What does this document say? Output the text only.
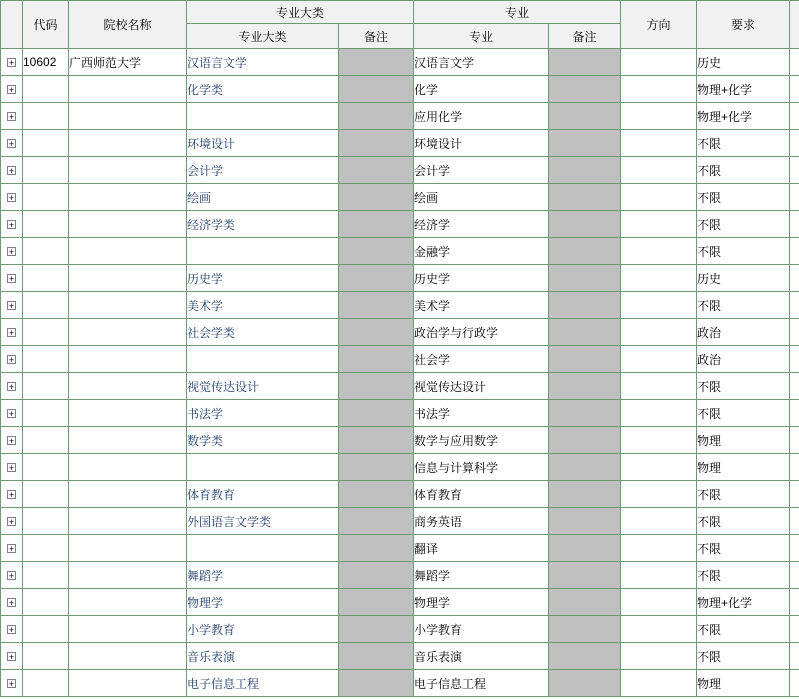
	代码	院校名称	专业大类		专业		方向	要求	
			专业大类	备注	专业	备注			
+	10602	广西师范大学	汉语言文学		汉语言文学			历史	
+			化学类		化学			物理+化学	
+					应用化学			物理+化学	
+			环境设计		环境设计			不限	
+			会计学		会计学			不限	
+			绘画		绘画			不限	
+			经济学类		经济学			不限	
+					金融学			不限	
+			历史学		历史学			历史	
+			美术学		美术学			不限	
+			社会学类		政治学与行政学			政治	
+					社会学			政治	
+			视觉传达设计		视觉传达设计			不限	
+			书法学		书法学			不限	
+			数学类		数学与应用数学			物理	
+					信息与计算科学			物理	
+			体育教育		体育教育			不限	
+			外国语言文学类		商务英语			不限	
+					翻译			不限	
+			舞蹈学		舞蹈学			不限	
+			物理学		物理学			物理+化学	
+			小学教育		小学教育			不限	
+			音乐表演		音乐表演			不限	
+			电子信息工程		电子信息工程			物理	
